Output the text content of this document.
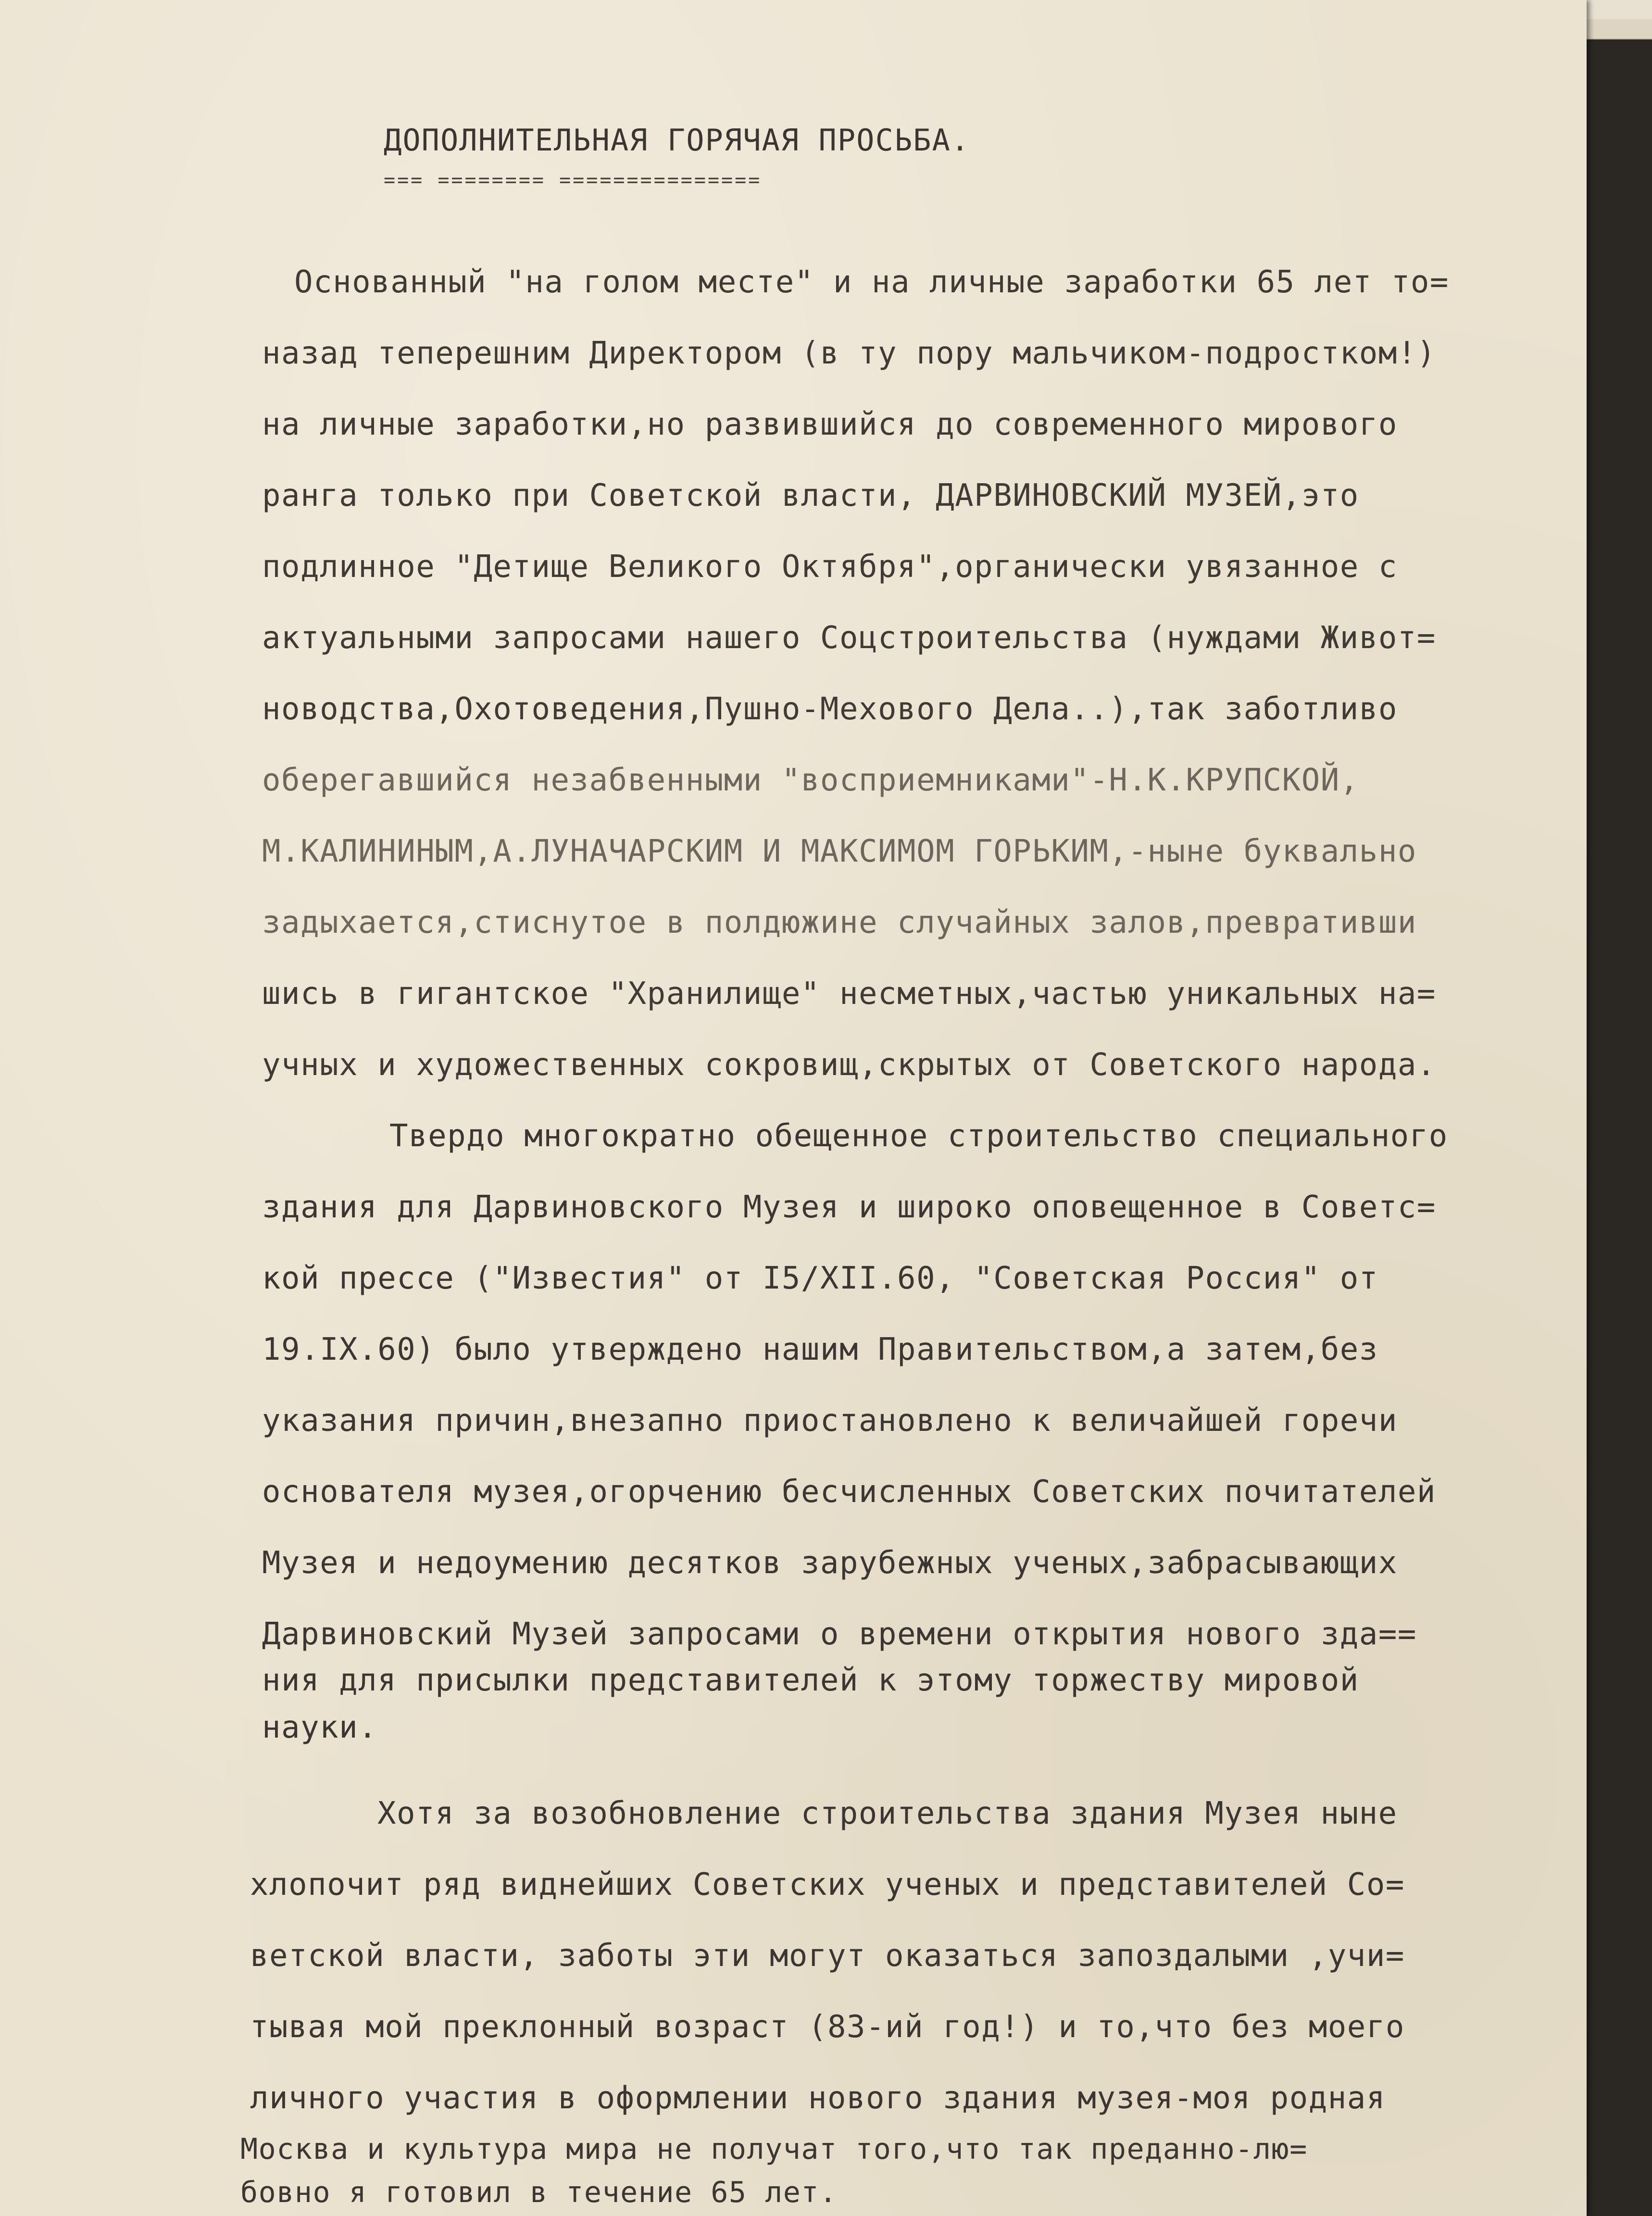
ДОПОЛНИТЕЛЬНАЯ ГОРЯЧАЯ ПРОСЬБА.
=== ======== ===============
Основанный "на голом месте" и на личные заработки 65 лет то=
назад теперешним Директором (в ту пору мальчиком-подростком!)
на личные заработки,но развившийся до современного мирового
ранга только при Советской власти, ДАРВИНОВСКИЙ МУЗЕЙ,это
подлинное "Детище Великого Октября",органически увязанное с
актуальными запросами нашего Соцстроительства (нуждами Живот=
новодства,Охотоведения,Пушно-Мехового Дела..),так заботливо
оберегавшийся незабвенными "восприемниками"-Н.К.КРУПСКОЙ,
М.КАЛИНИНЫМ,А.ЛУНАЧАРСКИМ И МАКСИМОМ ГОРЬКИМ,-ныне буквально
задыхается,стиснутое в полдюжине случайных залов,превративши
шись в гигантское "Хранилище" несметных,частью уникальных на=
учных и художественных сокровищ,скрытых от Советского народа.
Твердо многократно обещенное строительство специального
здания для Дарвиновского Музея и широко оповещенное в Советс=
кой прессе ("Известия" от I5/XII.60, "Советская Россия" от
19.IX.60) было утверждено нашим Правительством,а затем,без
указания причин,внезапно приостановлено к величайшей горечи
основателя музея,огорчению бесчисленных Советских почитателей
Музея и недоумению десятков зарубежных ученых,забрасывающих
Дарвиновский Музей запросами о времени открытия нового зда==
ния для присылки представителей к этому торжеству мировой
науки.
Хотя за возобновление строительства здания Музея ныне
хлопочит ряд виднейших Советских ученых и представителей Со=
ветской власти, заботы эти могут оказаться запоздалыми ,учи=
тывая мой преклонный возраст (83-ий год!) и то,что без моего
личного участия в оформлении нового здания музея-моя родная
Москва и культура мира не получат того,что так преданно-лю=
бовно я готовил в течение 65 лет.
